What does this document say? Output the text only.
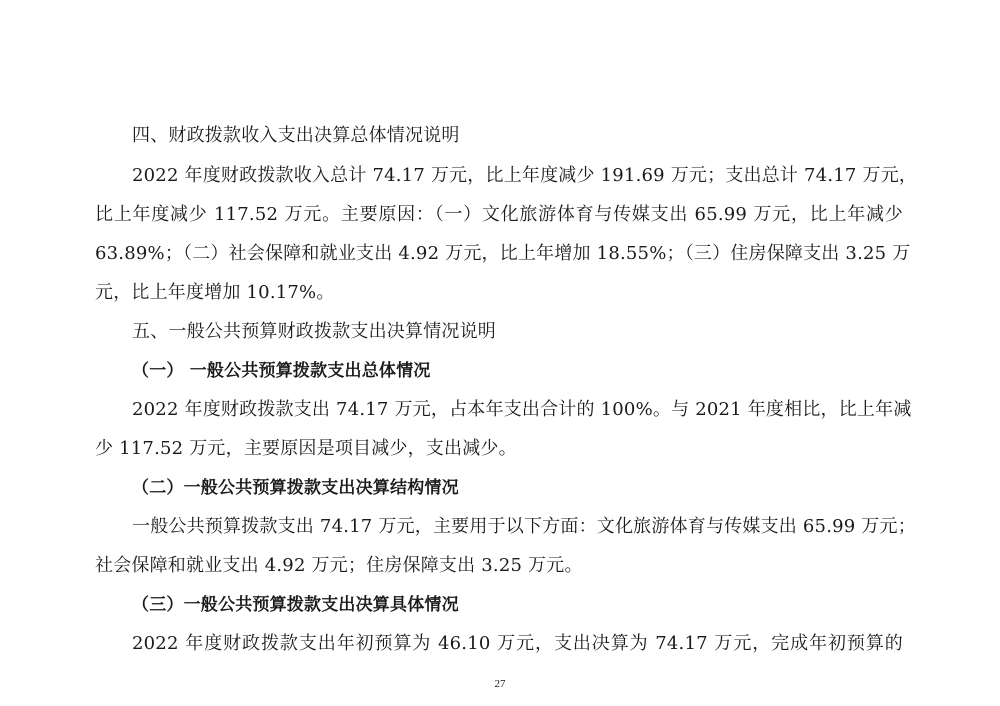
四、财政拨款收入支出决算总体情况说明
2022 年度财政拨款收入总计 74.17 万元，比上年度减少 191.69 万元；支出总计 74.17 万元，
比上年度减少 117.52 万元。主要原因：（一）文化旅游体育与传媒支出 65.99 万元，比上年减少
63.89%；（二）社会保障和就业支出 4.92 万元，比上年增加 18.55%；（三）住房保障支出 3.25 万
元，比上年度增加 10.17%。
五、一般公共预算财政拨款支出决算情况说明
（一） 一般公共预算拨款支出总体情况
2022 年度财政拨款支出 74.17 万元，占本年支出合计的 100%。与 2021 年度相比，比上年减
少 117.52 万元，主要原因是项目减少，支出减少。
（二）一般公共预算拨款支出决算结构情况
一般公共预算拨款支出 74.17 万元，主要用于以下方面：文化旅游体育与传媒支出 65.99 万元；
社会保障和就业支出 4.92 万元；住房保障支出 3.25 万元。
（三）一般公共预算拨款支出决算具体情况
2022 年度财政拨款支出年初预算为 46.10 万元，支出决算为 74.17 万元，完成年初预算的
27
